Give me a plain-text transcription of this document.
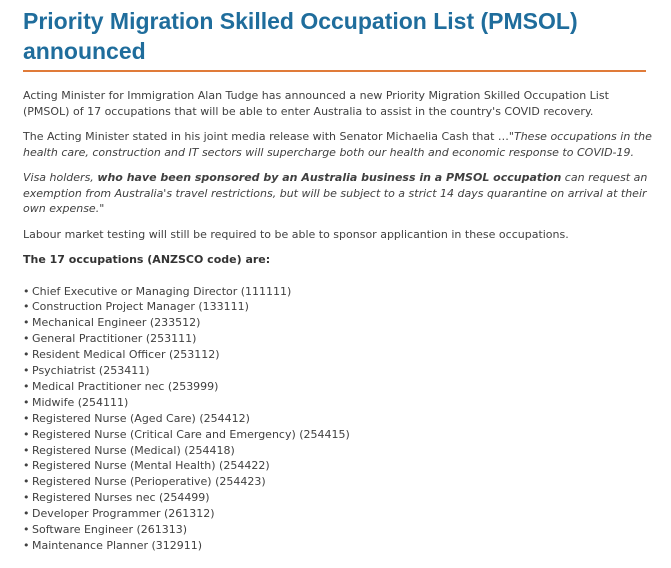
Priority Migration Skilled Occupation List (PMSOL) announced

Acting Minister for Immigration Alan Tudge has announced a new Priority Migration Skilled Occupation List (PMSOL) of 17 occupations that will be able to enter Australia to assist in the country's COVID recovery.

The Acting Minister stated in his joint media release with Senator Michaelia Cash that …"These occupations in the health care, construction and IT sectors will supercharge both our health and economic response to COVID-19.

Visa holders, who have been sponsored by an Australia business in a PMSOL occupation can request an exemption from Australia's travel restrictions, but will be subject to a strict 14 days quarantine on arrival at their own expense."

Labour market testing will still be required to be able to sponsor applicantion in these occupations.

The 17 occupations (ANZSCO code) are:

• Chief Executive or Managing Director (111111)
• Construction Project Manager (133111)
• Mechanical Engineer (233512)
• General Practitioner (253111)
• Resident Medical Officer (253112)
• Psychiatrist (253411)
• Medical Practitioner nec (253999)
• Midwife (254111)
• Registered Nurse (Aged Care) (254412)
• Registered Nurse (Critical Care and Emergency) (254415)
• Registered Nurse (Medical) (254418)
• Registered Nurse (Mental Health) (254422)
• Registered Nurse (Perioperative) (254423)
• Registered Nurses nec (254499)
• Developer Programmer (261312)
• Software Engineer (261313)
• Maintenance Planner (312911)
